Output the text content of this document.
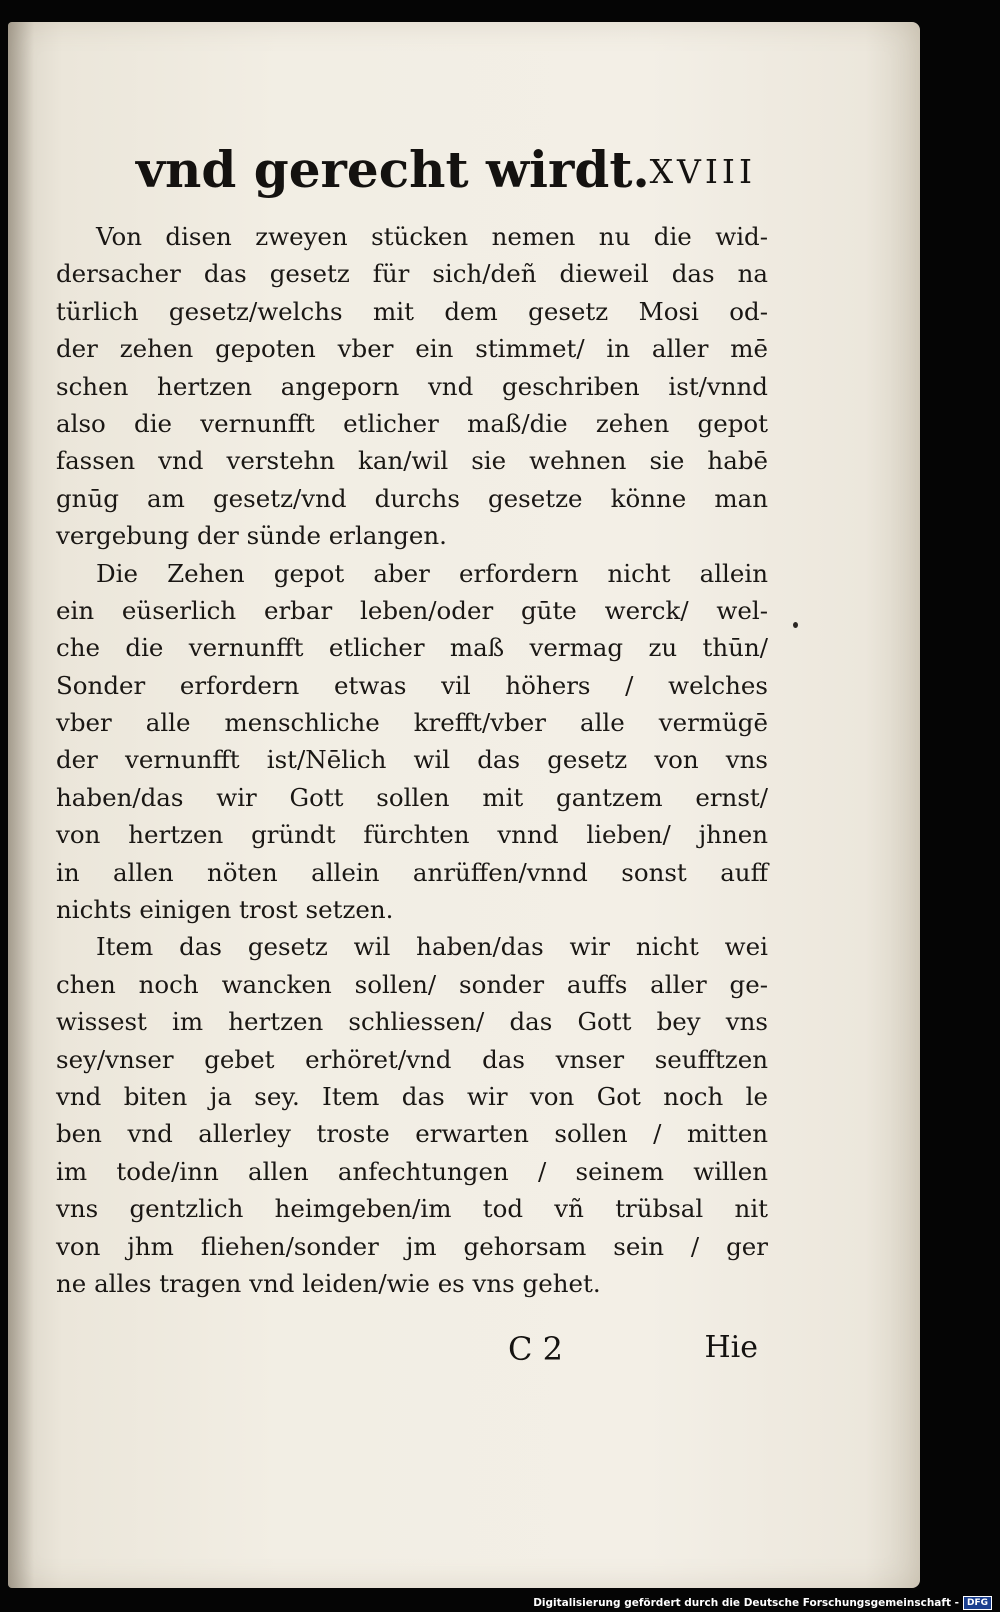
vnd gerecht wirdt. XVIII
Von disen zweyen stücken nemen nu die wid-
dersacher das gesetz für sich/deñ dieweil das na
türlich gesetz/welchs mit dem gesetz Mosi od-
der zehen gepoten vber ein stimmet/ in aller mē
schen hertzen angeporn vnd geschriben ist/vnnd
also die vernunfft etlicher maß/die zehen gepot
fassen vnd verstehn kan/wil sie wehnen sie habē
gnūg am gesetz/vnd durchs gesetze könne man
vergebung der sünde erlangen.
Die Zehen gepot aber erfordern nicht allein
ein eüserlich erbar leben/oder gūte werck/ wel-
che die vernunfft etlicher maß vermag zu thūn/
Sonder erfordern etwas vil höhers / welches
vber alle menschliche krefft/vber alle vermügē
der vernunfft ist/Nēlich wil das gesetz von vns
haben/das wir Gott sollen mit gantzem ernst/
von hertzen gründt fürchten vnnd lieben/ jhnen
in allen nöten allein anrüffen/vnnd sonst auff
nichts einigen trost setzen.
Item das gesetz wil haben/das wir nicht wei
chen noch wancken sollen/ sonder auffs aller ge-
wissest im hertzen schliessen/ das Gott bey vns
sey/vnser gebet erhöret/vnd das vnser seufftzen
vnd biten ja sey. Item das wir von Got noch le
ben vnd allerley troste erwarten sollen / mitten
im tode/inn allen anfechtungen / seinem willen
vns gentzlich heimgeben/im tod vñ trübsal nit
von jhm fliehen/sonder jm gehorsam sein / ger
ne alles tragen vnd leiden/wie es vns gehet.
C 2	Hie
Digitalisierung gefördert durch die Deutsche Forschungsgemeinschaft - DFG
